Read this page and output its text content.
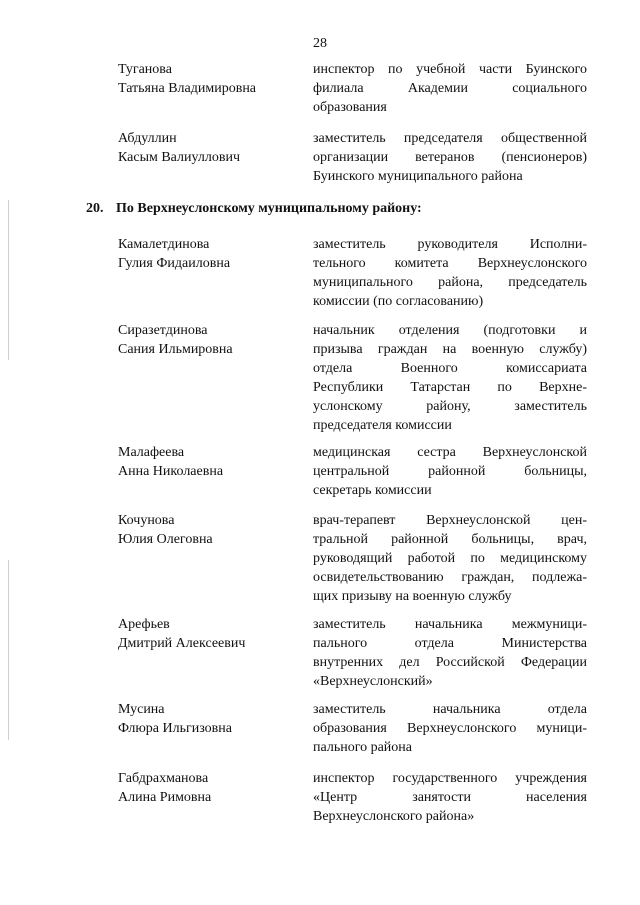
28
Туганова
Татьяна Владимировна
инспектор по учебной части Буинского
филиала Академии социального
образования
Абдуллин
Касым Валиуллович
заместитель председателя общественной
организации ветеранов (пенсионеров)
Буинского муниципального района
20. По Верхнеуслонскому муниципальному району:
Камалетдинова
Гулия Фидаиловна
заместитель руководителя Исполни-
тельного комитета Верхнеуслонского
муниципального района, председатель
комиссии (по согласованию)
Сиразетдинова
Сания Ильмировна
начальник отделения (подготовки и
призыва граждан на военную службу)
отдела Военного комиссариата
Республики Татарстан по Верхне-
услонскому району, заместитель
председателя комиссии
Малафеева
Анна Николаевна
медицинская сестра Верхнеуслонской
центральной районной больницы,
секретарь комиссии
Кочунова
Юлия Олеговна
врач-терапевт Верхнеуслонской цен-
тральной районной больницы, врач,
руководящий работой по медицинскому
освидетельствованию граждан, подлежа-
щих призыву на военную службу
Арефьев
Дмитрий Алексеевич
заместитель начальника межмуници-
пального отдела Министерства
внутренних дел Российской Федерации
«Верхнеуслонский»
Мусина
Флюра Ильгизовна
заместитель начальника отдела
образования Верхнеуслонского муници-
пального района
Габдрахманова
Алина Римовна
инспектор государственного учреждения
«Центр занятости населения
Верхнеуслонского района»
